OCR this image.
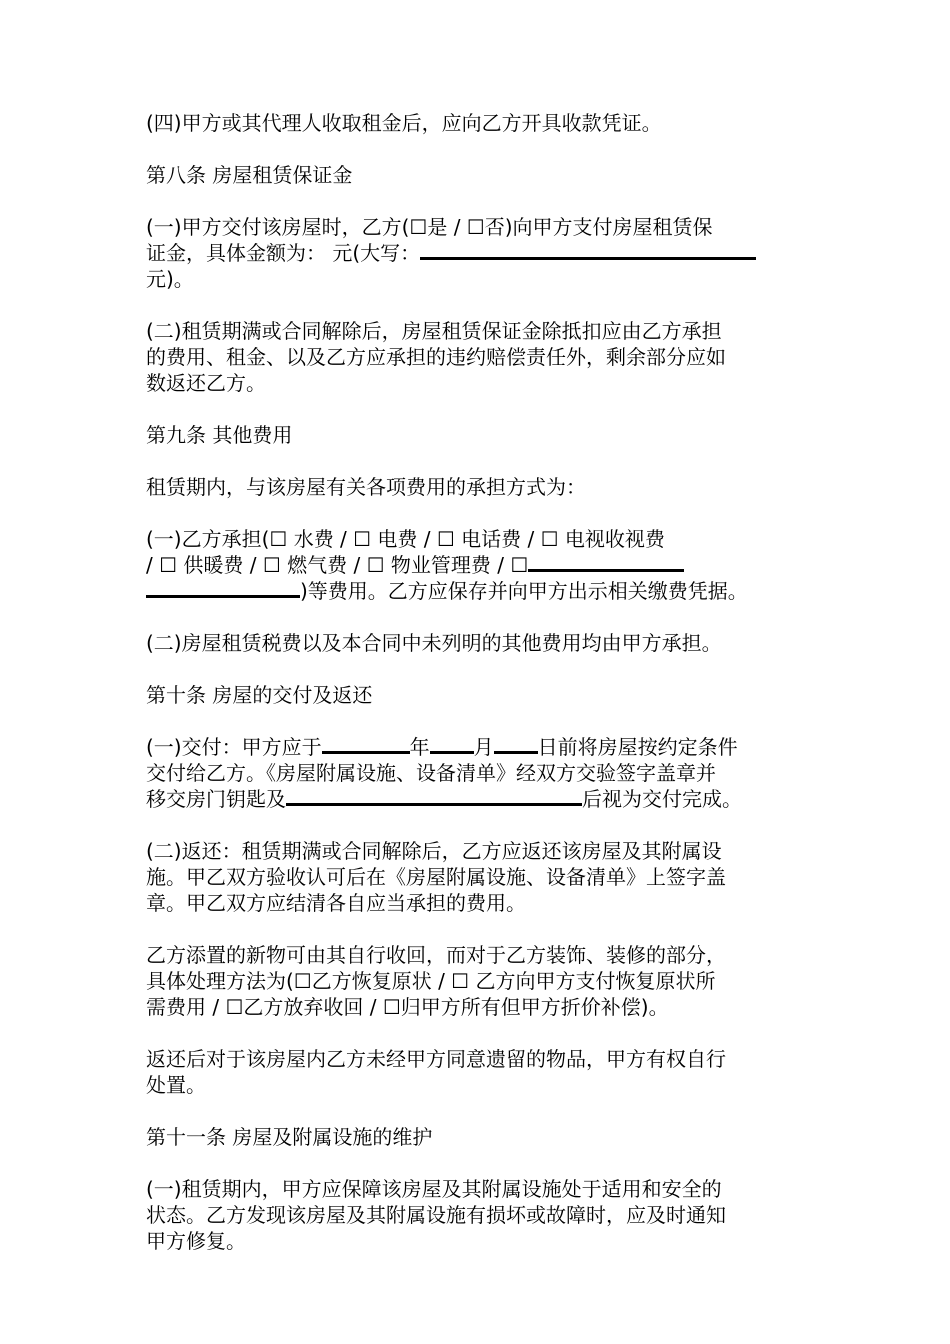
(四)甲方或其代理人收取租金后，应向乙方开具收款凭证。

第八条 房屋租赁保证金

(一)甲方交付该房屋时，乙方(☐是 / ☐否)向甲方支付房屋租赁保
证金，具体金额为： 元(大写：
元)。

(二)租赁期满或合同解除后，房屋租赁保证金除抵扣应由乙方承担
的费用、租金、以及乙方应承担的违约赔偿责任外，剩余部分应如
数返还乙方。

第九条 其他费用

租赁期内，与该房屋有关各项费用的承担方式为：

(一)乙方承担(☐ 水费 / ☐ 电费 / ☐ 电话费 / ☐ 电视收视费
/ ☐ 供暖费 / ☐ 燃气费 / ☐ 物业管理费 / ☐
)等费用。乙方应保存并向甲方出示相关缴费凭据。

(二)房屋租赁税费以及本合同中未列明的其他费用均由甲方承担。

第十条 房屋的交付及返还

(一)交付：甲方应于	年 月 日前将房屋按约定条件
交付给乙方。《房屋附属设施、设备清单》经双方交验签字盖章并
移交房门钥匙及	后视为交付完成。

(二)返还：租赁期满或合同解除后，乙方应返还该房屋及其附属设
施。甲乙双方验收认可后在《房屋附属设施、设备清单》上签字盖
章。甲乙双方应结清各自应当承担的费用。

乙方添置的新物可由其自行收回，而对于乙方装饰、装修的部分，
具体处理方法为(☐乙方恢复原状 / ☐ 乙方向甲方支付恢复原状所
需费用 / ☐乙方放弃收回 / ☐归甲方所有但甲方折价补偿)。

返还后对于该房屋内乙方未经甲方同意遗留的物品，甲方有权自行
处置。

第十一条 房屋及附属设施的维护

(一)租赁期内，甲方应保障该房屋及其附属设施处于适用和安全的
状态。乙方发现该房屋及其附属设施有损坏或故障时，应及时通知
甲方修复。
